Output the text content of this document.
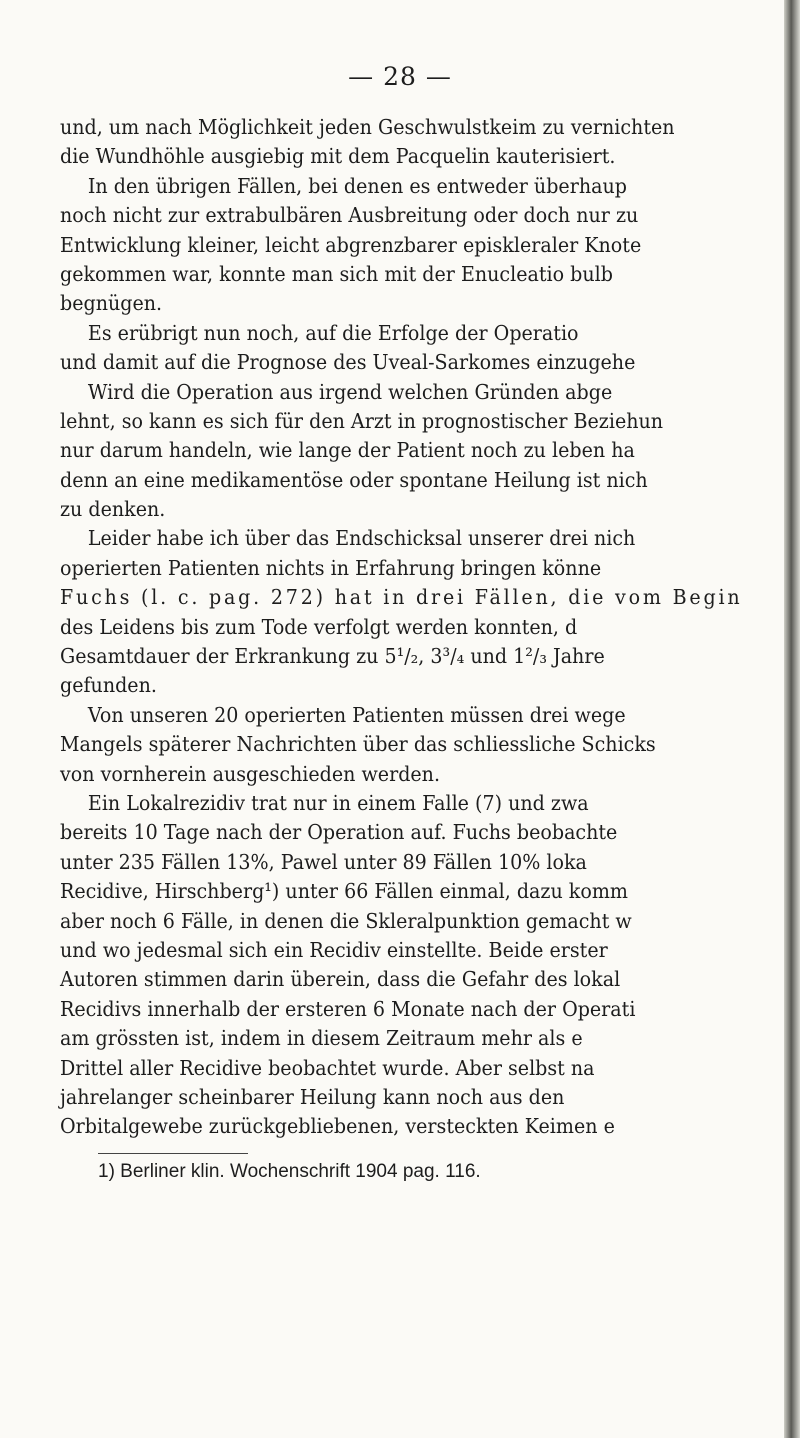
— 28 —
und, um nach Möglichkeit jeden Geschwulstkeim zu vernichten
die Wundhöhle ausgiebig mit dem Pacquelin kauterisiert.
In den übrigen Fällen, bei denen es entweder überhaup
noch nicht zur extrabulbären Ausbreitung oder doch nur zu
Entwicklung kleiner, leicht abgrenzbarer episkleraler Knote
gekommen war, konnte man sich mit der Enucleatio bulb
begnügen.
Es erübrigt nun noch, auf die Erfolge der Operatio
und damit auf die Prognose des Uveal-Sarkomes einzugehe
Wird die Operation aus irgend welchen Gründen abge
lehnt, so kann es sich für den Arzt in prognostischer Beziehun
nur darum handeln, wie lange der Patient noch zu leben ha
denn an eine medikamentöse oder spontane Heilung ist nich
zu denken.
Leider habe ich über das Endschicksal unserer drei nich
operierten Patienten nichts in Erfahrung bringen könne
Fuchs (l. c. pag. 272) hat in drei Fällen, die vom Begin
des Leidens bis zum Tode verfolgt werden konnten, d
Gesamtdauer der Erkrankung zu 5¹/₂, 3³/₄ und 1²/₃ Jahre
gefunden.
Von unseren 20 operierten Patienten müssen drei wege
Mangels späterer Nachrichten über das schliessliche Schicks
von vornherein ausgeschieden werden.
Ein Lokalrezidiv trat nur in einem Falle (7) und zwa
bereits 10 Tage nach der Operation auf. Fuchs beobachte
unter 235 Fällen 13%, Pawel unter 89 Fällen 10% loka
Recidive, Hirschberg¹) unter 66 Fällen einmal, dazu komm
aber noch 6 Fälle, in denen die Skleralpunktion gemacht w
und wo jedesmal sich ein Recidiv einstellte. Beide erster
Autoren stimmen darin überein, dass die Gefahr des lokal
Recidivs innerhalb der ersteren 6 Monate nach der Operati
am grössten ist, indem in diesem Zeitraum mehr als e
Drittel aller Recidive beobachtet wurde. Aber selbst na
jahrelanger scheinbarer Heilung kann noch aus den
Orbitalgewebe zurückgebliebenen, versteckten Keimen e
1) Berliner klin. Wochenschrift 1904 pag. 116.
